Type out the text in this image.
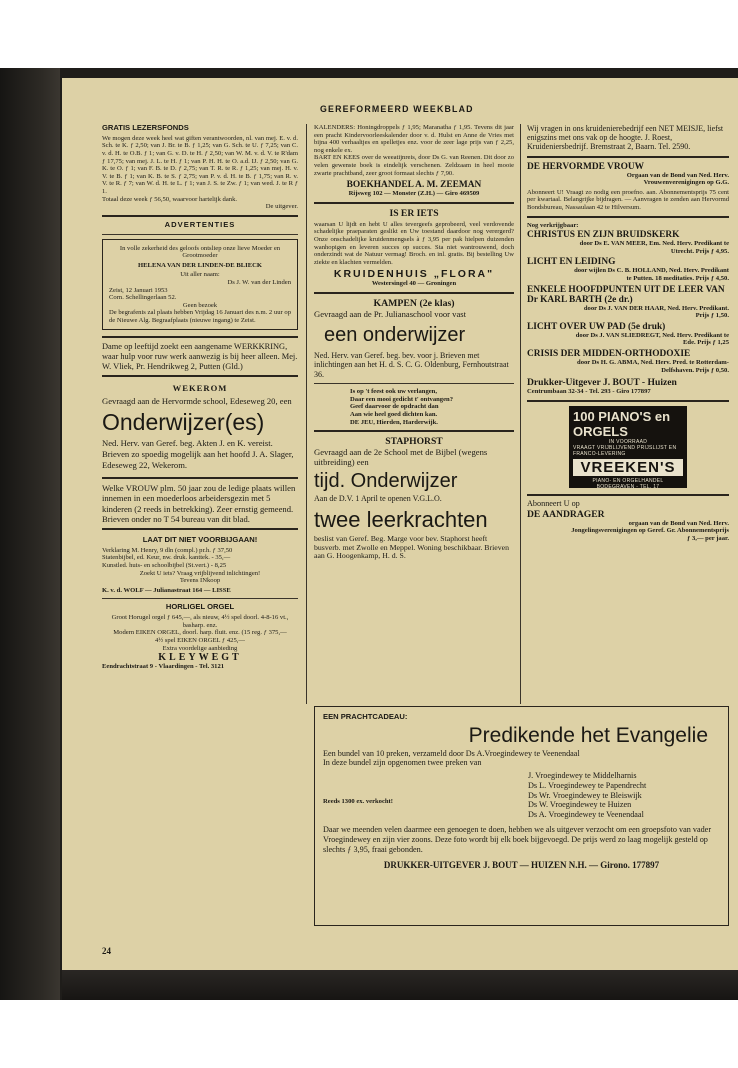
GEREFORMEERD WEEKBLAD
GRATIS LEZERSFONDS
We mogen deze week heel wat giften verantwoorden, nl. van mej. E. v. d. Sch. te K. ƒ 2,50; van J. Br. te B. ƒ 1,25; van G. Sch. te U. ƒ 7,25; van C. v. d. H. te O.B. ƒ 1; van G. v. D. te H. ƒ 2,50; van W. M. v. d. V. te R'dam ƒ 17,75; van mej. J. L. te H. ƒ 1; van P. H. H. te O. a.d. IJ. ƒ 2,50; van G. K. te O. ƒ 1; van F. B. te D. ƒ 2,75; van T. R. te R. ƒ 1,25; van mej. H. v. V. te B. ƒ 1; van K. B. te S. ƒ 2,75; van P. v. d. H. te B. ƒ 1,75; van R. v. V. te R. ƒ 7; van W. d. H. te L. ƒ 1; van J. S. te Zw. ƒ 1; van wed. J. te R ƒ 1.
Totaal deze week ƒ 56,50, waarvoor hartelijk dank.
De uitgever.
ADVERTENTIES
In volle zekerheid des geloofs ontsliep onze lieve Moeder en Grootmoeder
HELENA VAN DER LINDEN-DE BLIECK
Uit aller naam:
Ds J. W. van der Linden
Zeist, 12 Januari 1953
Corn. Schellingerlaan 52.
Geen bezoek
De begrafenis zal plaats hebben Vrijdag 16 Januari des n.m. 2 uur op de Nieuwe Alg. Begraafplaats (nieuwe ingang) te Zeist.
Dame op leeftijd zoekt een aangename WERKKRING, waar hulp voor ruw werk aanwezig is bij heer alleen. Mej. W. Vliek, Pr. Hendrikweg 2, Putten (Gld.)
WEKEROM
Gevraagd aan de Hervormde school, Edeseweg 20, een
Onderwijzer(es)
Ned. Herv. van Geref. beg. Akten J. en K. vereist. Brieven zo spoedig mogelijk aan het hoofd J. A. Slager, Edeseweg 22, Wekerom.
Welke VROUW plm. 50 jaar zou de ledige plaats willen innemen in een moederloos arbeidersgezin met 5 kinderen (2 reeds in betrekking). Zeer ernstig gemeend. Brieven onder no T 54 bureau van dit blad.
LAAT DIT NIET VOORBIJGAAN!
Verklaring M. Henry, 9 dln (compl.) pr.h. ƒ 37,50
Statenbijbel, ed. Keur, nw. druk. kanttek. - 35,—
Kunstled. huis- en schoolbijbel (St.vert.) - 8,25
Zoekt U iets? Vraag vrijblijvend inlichtingen!
Tevens INkoop
K. v. d. WOLF — Julianastraat 164 — LISSE
HORLIGEL ORGEL
Groot Horugel orgel ƒ 645,—, als nieuw, 4½ spel doorl. 4-8-16 vt., basharp. enz.
Modern EIKEN ORGEL, doorl. harp. fluit. enz. (15 reg. ƒ 375,—
4½ spel EIKEN ORGEL ƒ 425,—
Extra voordelige aanbieding
KLEYWEGT
Eendrachtstraat 9 - Vlaardingen - Tel. 3121
KALENDERS: Honingdroppels ƒ 1,95; Maranatha ƒ 1,95. Tevens dit jaar een pracht Kindervoorleeskalender door v. d. Hulst en Anne de Vries met bijna 400 verhaaltjes en spelletjes enz. voor de zeer lage prijs van ƒ 2,25, nog enkele ex.
BART EN KEES over de weeatijnreis, door Ds G. van Reenen. Dit door zo velen gewenste boek is eindelijk verschenen. Zeldzaam in heel mooie zwarte prachtband, zeer groot formaat slechts ƒ 7,90.
BOEKHANDEL A. M. ZEEMAN
Rijsweg 102 — Monster (Z.H.) — Giro 469509
IS ER IETS
waarsan U lijdt en hebt U alles tevergeefs geprobeerd, veel verdovende schadelijke praeparaten geslikt en Uw toestand daardoor nog verergerd? Onze onschadelijke kruidenmengsels à ƒ 3,95 per pak hielpen duizenden wanhopigen en leveren succes op succes. Sta niet wantrouwend, doch onderzindt wat de Natuur vermag! Broch. en inl. gratis. Bij bestelling Uw ziekte en klachten vermelden.
KRUIDENHUIS „FLORA"
Westersingel 40 — Groningen
KAMPEN (2e klas)
Gevraagd aan de Pr. Julianaschool voor vast
een onderwijzer
Ned. Herv. van Geref. beg. bev. voor j. Brieven met inlichtingen aan het H. d. S. C. G. Oldenburg, Fernhoutstraat 36.
Is op 't feest ook uw verlangen,
Daar een mooi gedicht t' ontvangen?
Geef daarvoor de opdracht dan
Aan wie heel goed dichten kan.
DE JEU, Hierden, Harderwijk.
STAPHORST
Gevraagd aan de 2e School met de Bijbel (wegens uitbreiding) een
tijd. Onderwijzer
Aan de D.V. 1 April te openen V.G.L.O.
twee leerkrachten
beslist van Geref. Beg. Marge voor bev. Staphorst heeft busverb. met Zwolle en Meppel. Woning beschikbaar. Brieven aan G. Hoogenkamp, H. d. S.
Wij vragen in ons kruidenierebedrijf een NET MEISJE, liefst enigszins met ons vak op de hoogte. J. Roest, Kruideniersbedrijf. Bremstraat 2, Baarn. Tel. 2590.
DE HERVORMDE VROUW
Orgaan van de Bond van Ned. Herv. Vrouwenverenigingen op G.G.
Abonneert U! Vraagt zo nodig een proefno. aan. Abonnementsprijs 75 cent per kwartaal. Belangrijke bijdragen. — Aanvragen te zenden aan Hervormd Bondsbureau, Nassaulaan 42 te Hilversum.
Nog verkrijgbaar:
CHRISTUS EN ZIJN BRUIDSKERK
door Ds E. VAN MEER, Em. Ned. Herv. Predikant te Utrecht. Prijs ƒ 4,95.
LICHT EN LEIDING
door wijlen Ds C. B. HOLLAND, Ned. Herv. Predikant te Putten. 18 meditaties. Prijs ƒ 4,50.
ENKELE HOOFDPUNTEN UIT DE LEER VAN Dr KARL BARTH (2e dr.)
door Ds J. VAN DER HAAR, Ned. Herv. Predikant. Prijs ƒ 1,50.
LICHT OVER UW PAD (5e druk)
door Ds J. VAN SLIEDREGT, Ned. Herv. Predikant te Ede. Prijs ƒ 1,25
CRISIS DER MIDDEN-ORTHODOXIE
door Ds H. G. ABMA, Ned. Herv. Pred. te Rotterdam-Delfshaven. Prijs ƒ 0,50.
Drukker-Uitgever J. BOUT - Huizen
Centrumbaan 32-34 - Tel. 293 - Giro 177897
100 PIANO'S en ORGELS
IN VOORRAAD
VRAAGT VRIJBLIJVEND PRIJSLIJST EN FRANCO-LEVERING
VREEKEN'S
PIANO- EN ORGELHANDEL
BODEGRAVEN - TEL. 17
Abonneert U op
DE AANDRAGER
orgaan van de Bond van Ned. Herv. Jongelingsverenigingen op Geref. Gr. Abonnementsprijs ƒ 3,— per jaar.
EEN PRACHTCADEAU:
Predikende het Evangelie
Een bundel van 10 preken, verzameld door Ds A.Vroegindewey te Veenendaal
In deze bundel zijn opgenomen twee preken van
Reeds 1300 ex. verkocht!
J. Vroegindewey te Middelharnis
Ds L. Vroegindewey te Papendrecht
Ds Wr. Vroegindewey te Bleiswijk
Ds W. Vroegindewey te Huizen
Ds A. Vroegindewey te Veenendaal
Daar we meenden velen daarmee een genoegen te doen, hebben we als uitgever verzocht om een groepsfoto van vader Vroegindewey en zijn vier zoons. Deze foto wordt bij elk boek bijgevoegd. De prijs werd zo laag mogelijk gesteld op slechts ƒ 3,95, fraai gebonden.
DRUKKER-UITGEVER J. BOUT — HUIZEN N.H. — Girono. 177897
24
